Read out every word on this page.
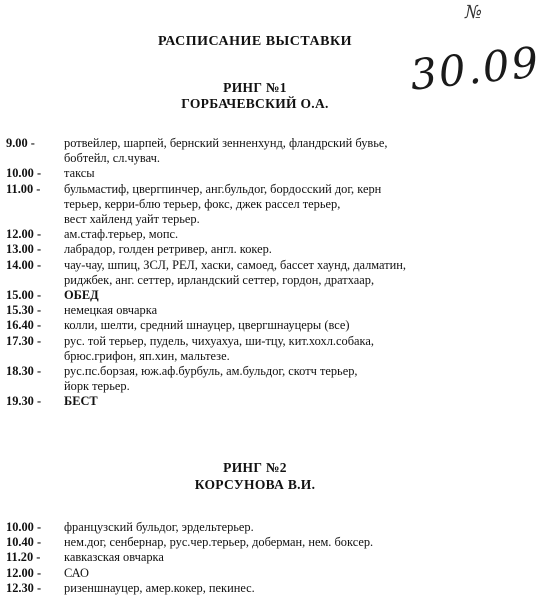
№
30.09
РАСПИСАНИЕ ВЫСТАВКИ
РИНГ №1
ГОРБАЧЕВСКИЙ О.А.
9.00 -	ротвейлер, шарпей, бернский зенненхунд, фландрский бувье,
бобтейл, сл.чувач.
10.00 -	таксы
11.00 -	бульмастиф, цвергпинчер, анг.бульдог, бордосский дог, керн
терьер, керри-блю терьер, фокс, джек рассел терьер,
вест хайленд уайт терьер.
12.00 -	ам.стаф.терьер, мопс.
13.00 -	лабрадор, голден ретривер, англ. кокер.
14.00 -	чау-чау, шпиц, ЗСЛ, РЕЛ, хаски, самоед, бассет хаунд, далматин,
риджбек, анг. сеттер, ирландский сеттер, гордон, дратхаар,
15.00 -	ОБЕД
15.30 -	немецкая овчарка
16.40 -	колли, шелти, средний шнауцер, цвергшнауцеры (все)
17.30 -	рус. той терьер, пудель, чихуахуа, ши-тцу, кит.хохл.собака,
брюс.грифон, яп.хин, мальтезе.
18.30 -	рус.пс.борзая, юж.аф.бурбуль, ам.бульдог, скотч терьер,
йорк терьер.
19.30 -	БЕСТ
РИНГ №2
КОРСУНОВА В.И.
10.00 -	французский бульдог, эрдельтерьер.
10.40 -	нем.дог, сенбернар, рус.чер.терьер, доберман, нем. боксер.
11.20 -	кавказская овчарка
12.00 -	САО
12.30 -	ризеншнауцер, амер.кокер, пекинес.
